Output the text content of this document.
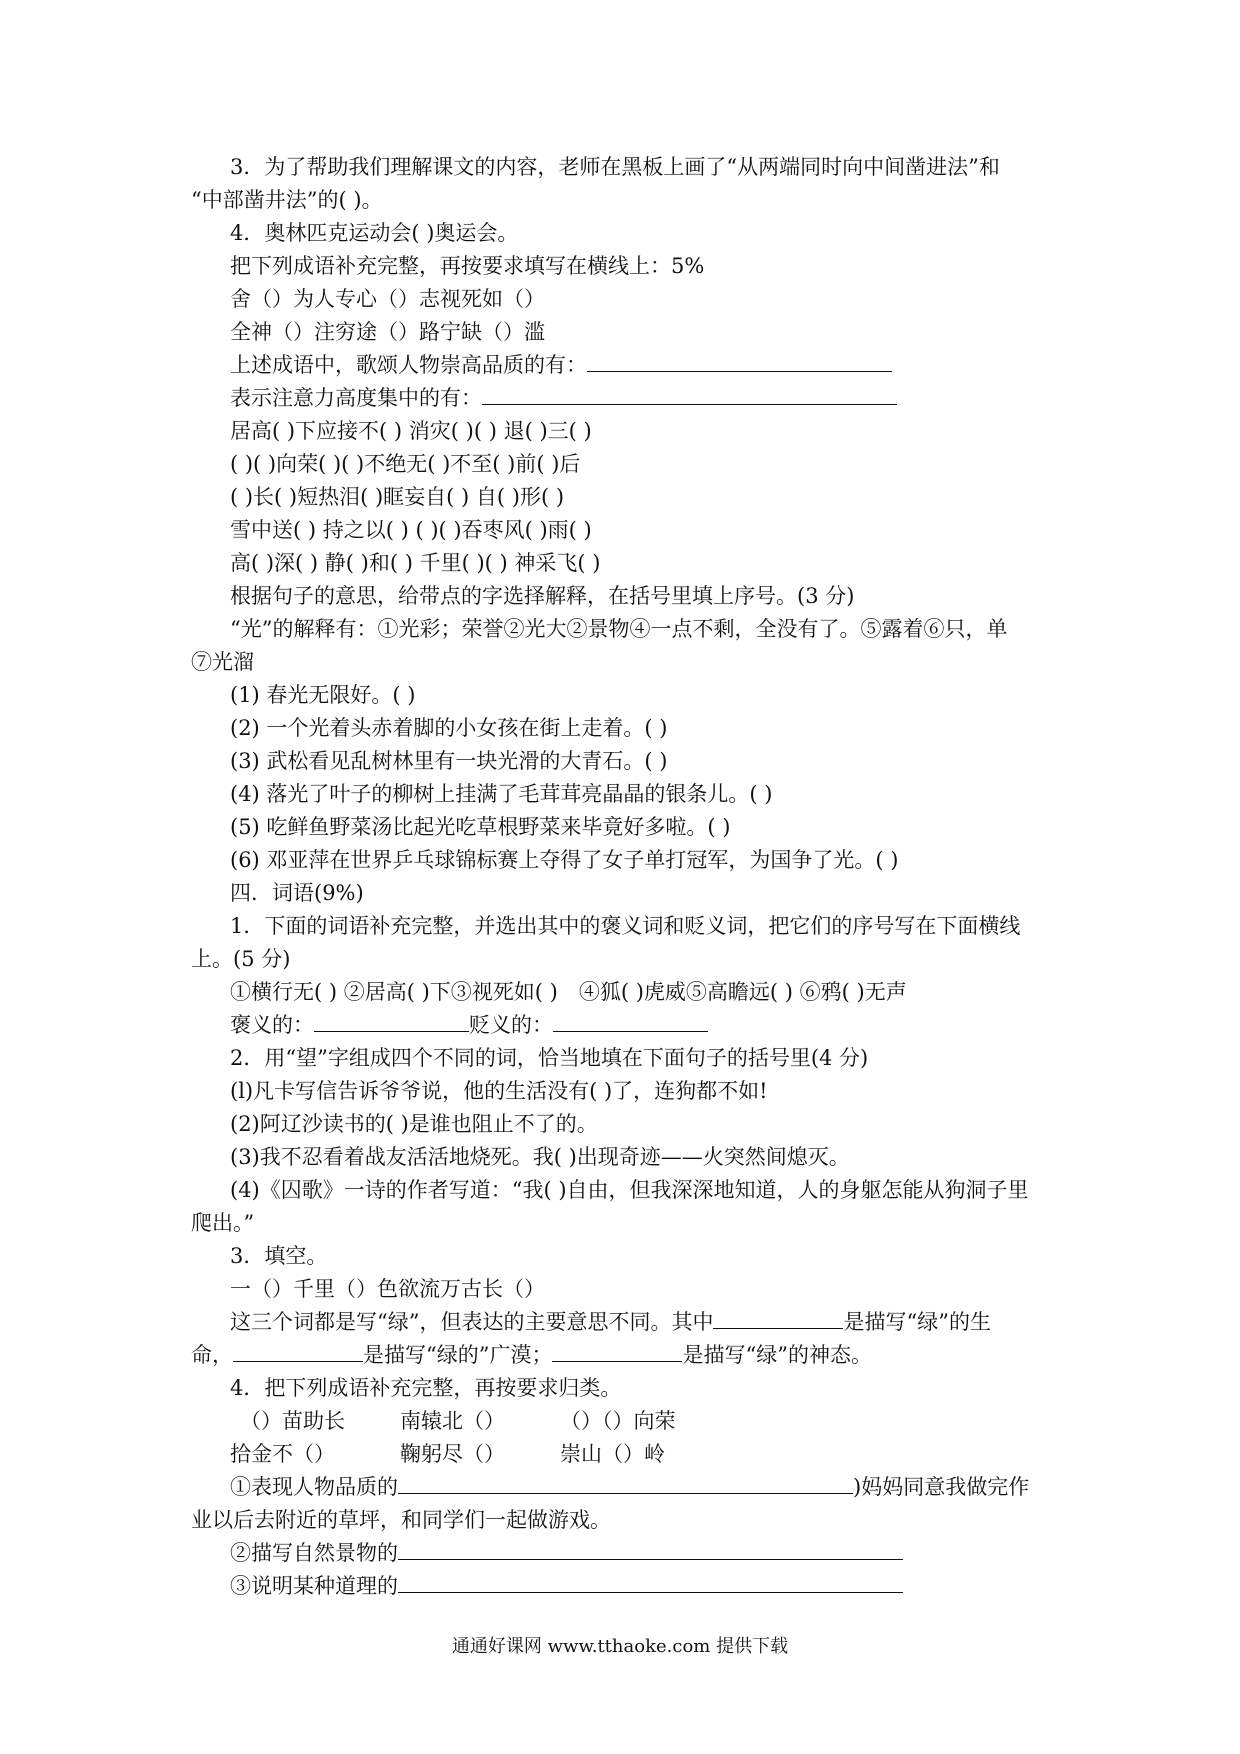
3．为了帮助我们理解课文的内容，老师在黑板上画了“从两端同时向中间凿进法”和
“中部凿井法”的( )。
4．奥林匹克运动会( )奥运会。
把下列成语补充完整，再按要求填写在横线上：5%
舍（）为人专心（）志视死如（）
全神（）注穷途（）路宁缺（）滥
上述成语中，歌颂人物崇高品质的有：
表示注意力高度集中的有：
居高( )下应接不( ) 消灾( )( ) 退( )三( )
( )( )向荣( )( )不绝无( )不至( )前( )后
( )长( )短热泪( )眶妄自( ) 自( )形( )
雪中送( ) 持之以( ) ( )( )吞枣风( )雨( )
高( )深( ) 静( )和( ) 千里( )( ) 神采飞( )
根据句子的意思，给带点的字选择解释，在括号里填上序号。(3 分)
“光”的解释有：①光彩；荣誉②光大②景物④一点不剩，全没有了。⑤露着⑥只，单
⑦光溜
(1) 春光无限好。( )
(2) 一个光着头赤着脚的小女孩在街上走着。( )
(3) 武松看见乱树林里有一块光滑的大青石。( )
(4) 落光了叶子的柳树上挂满了毛茸茸亮晶晶的银条儿。( )
(5) 吃鲜鱼野菜汤比起光吃草根野菜来毕竟好多啦。( )
(6) 邓亚萍在世界乒乓球锦标赛上夺得了女子单打冠军，为国争了光。( )
四．词语(9%)
1．下面的词语补充完整，并选出其中的褒义词和贬义词，把它们的序号写在下面横线
上。(5 分)
①横行无( ) ②居高( )下③视死如( )　④狐( )虎威⑤高瞻远( ) ⑥鸦( )无声
褒义的：	贬义的：
2．用“望”字组成四个不同的词，恰当地填在下面句子的括号里(4 分)
(l)凡卡写信告诉爷爷说，他的生活没有( )了，连狗都不如!
(2)阿辽沙读书的( )是谁也阻止不了的。
(3)我不忍看着战友活活地烧死。我( )出现奇迹——火突然间熄灭。
(4)《囚歌》一诗的作者写道：“我( )自由，但我深深地知道，人的身躯怎能从狗洞子里
爬出。”
3．填空。
一（）千里（）色欲流万古长（）
这三个词都是写“绿”，但表达的主要意思不同。其中	是描写“绿”的生
命，	是描写“绿的”广漠；	是描写“绿”的神态。
4．把下列成语补充完整，再按要求归类。
（）苗助长	南辕北（）	（）（）向荣
拾金不（）	鞠躬尽（）	崇山（）岭
①表现人物品质的	)妈妈同意我做完作
业以后去附近的草坪，和同学们一起做游戏。
②描写自然景物的
③说明某种道理的
通通好课网 www.tthaoke.com 提供下载
